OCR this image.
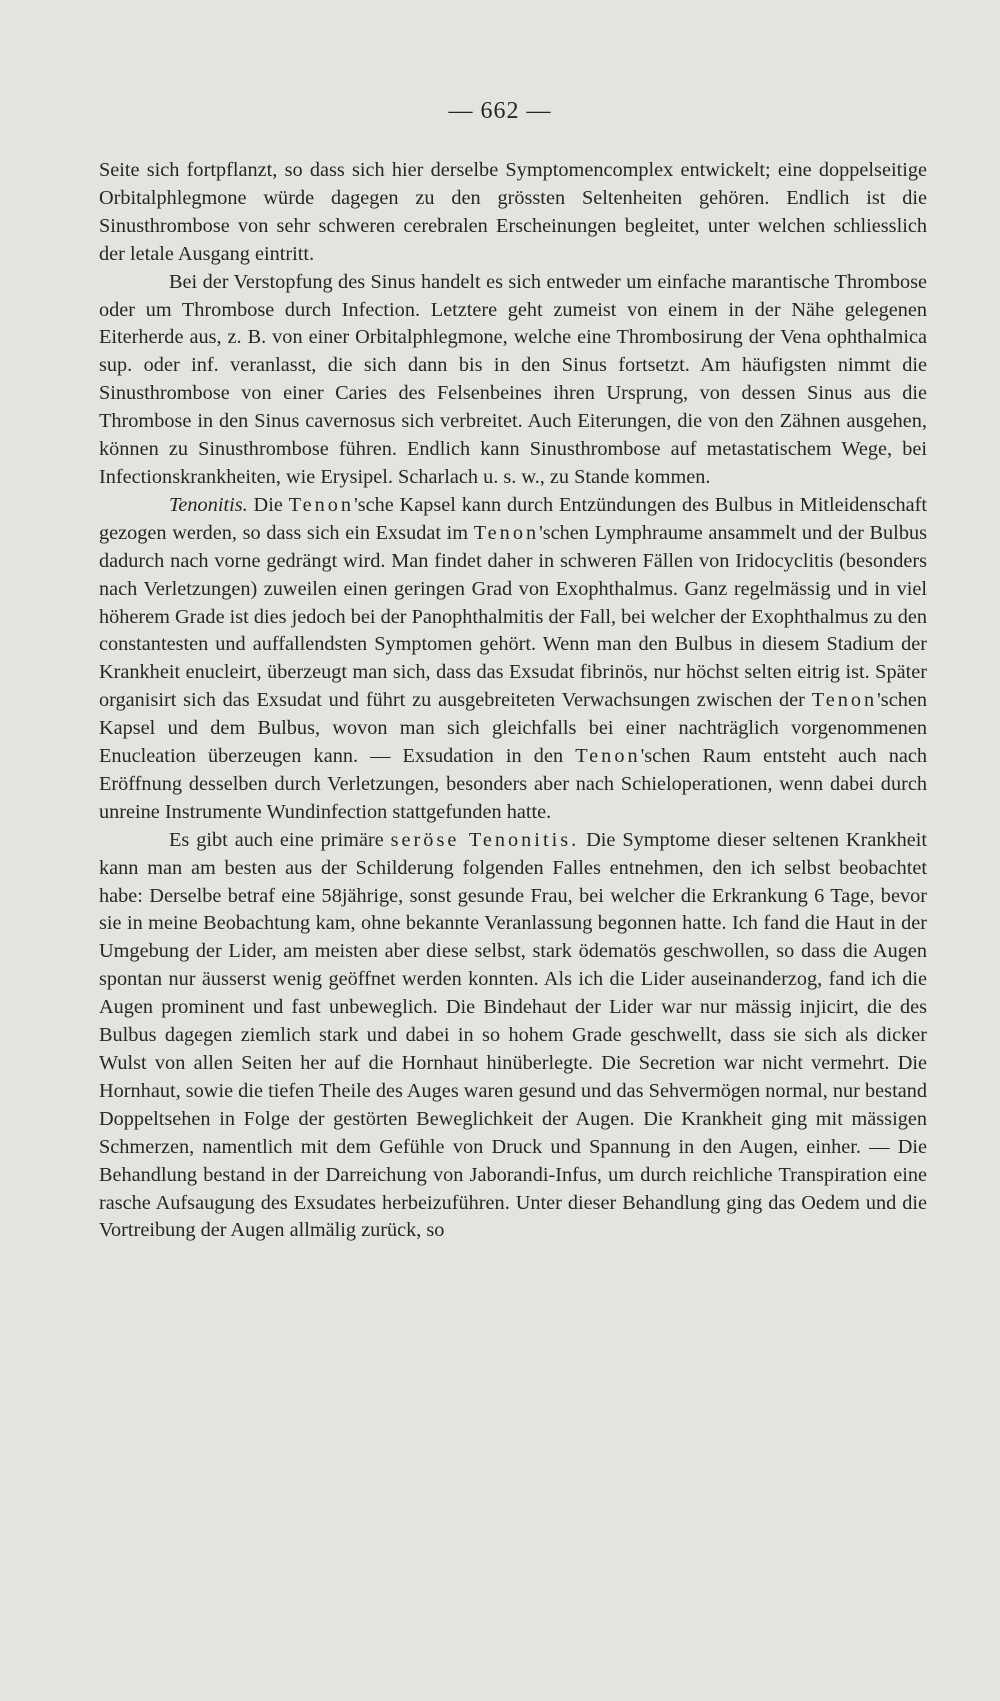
— 662 —

Seite sich fortpflanzt, so dass sich hier derselbe Symptomencomplex entwickelt; eine doppelseitige Orbitalphlegmone würde dagegen zu den grössten Seltenheiten gehören. Endlich ist die Sinusthrombose von sehr schweren cerebralen Erscheinungen begleitet, unter welchen schliesslich der letale Ausgang eintritt.

Bei der Verstopfung des Sinus handelt es sich entweder um einfache marantische Thrombose oder um Thrombose durch Infection. Letztere geht zumeist von einem in der Nähe gelegenen Eiterherde aus, z. B. von einer Orbitalphlegmone, welche eine Thrombosirung der Vena ophthalmica sup. oder inf. veranlasst, die sich dann bis in den Sinus fortsetzt. Am häufigsten nimmt die Sinusthrombose von einer Caries des Felsenbeines ihren Ursprung, von dessen Sinus aus die Thrombose in den Sinus cavernosus sich verbreitet. Auch Eiterungen, die von den Zähnen ausgehen, können zu Sinusthrombose führen. Endlich kann Sinusthrombose auf metastatischem Wege, bei Infectionskrankheiten, wie Erysipel. Scharlach u. s. w., zu Stande kommen.

Tenonitis. Die Tenon'sche Kapsel kann durch Entzündungen des Bulbus in Mitleidenschaft gezogen werden, so dass sich ein Exsudat im Tenon'schen Lymphraume ansammelt und der Bulbus dadurch nach vorne gedrängt wird. Man findet daher in schweren Fällen von Iridocyclitis (besonders nach Verletzungen) zuweilen einen geringen Grad von Exophthalmus. Ganz regelmässig und in viel höherem Grade ist dies jedoch bei der Panophthalmitis der Fall, bei welcher der Exophthalmus zu den constantesten und auffallendsten Symptomen gehört. Wenn man den Bulbus in diesem Stadium der Krankheit enucleirt, überzeugt man sich, dass das Exsudat fibrinös, nur höchst selten eitrig ist. Später organisirt sich das Exsudat und führt zu ausgebreiteten Verwachsungen zwischen der Tenon'schen Kapsel und dem Bulbus, wovon man sich gleichfalls bei einer nachträglich vorgenommenen Enucleation überzeugen kann. — Exsudation in den Tenon'schen Raum entsteht auch nach Eröffnung desselben durch Verletzungen, besonders aber nach Schieloperationen, wenn dabei durch unreine Instrumente Wundinfection stattgefunden hatte.

Es gibt auch eine primäre seröse Tenonitis. Die Symptome dieser seltenen Krankheit kann man am besten aus der Schilderung folgenden Falles entnehmen, den ich selbst beobachtet habe: Derselbe betraf eine 58jährige, sonst gesunde Frau, bei welcher die Erkrankung 6 Tage, bevor sie in meine Beobachtung kam, ohne bekannte Veranlassung begonnen hatte. Ich fand die Haut in der Umgebung der Lider, am meisten aber diese selbst, stark ödematös geschwollen, so dass die Augen spontan nur äusserst wenig geöffnet werden konnten. Als ich die Lider auseinanderzog, fand ich die Augen prominent und fast unbeweglich. Die Bindehaut der Lider war nur mässig injicirt, die des Bulbus dagegen ziemlich stark und dabei in so hohem Grade geschwellt, dass sie sich als dicker Wulst von allen Seiten her auf die Hornhaut hinüberlegte. Die Secretion war nicht vermehrt. Die Hornhaut, sowie die tiefen Theile des Auges waren gesund und das Sehvermögen normal, nur bestand Doppeltsehen in Folge der gestörten Beweglichkeit der Augen. Die Krankheit ging mit mässigen Schmerzen, namentlich mit dem Gefühle von Druck und Spannung in den Augen, einher. — Die Behandlung bestand in der Darreichung von Jaborandi-Infus, um durch reichliche Transpiration eine rasche Aufsaugung des Exsudates herbeizuführen. Unter dieser Behandlung ging das Oedem und die Vortreibung der Augen allmälig zurück, so
